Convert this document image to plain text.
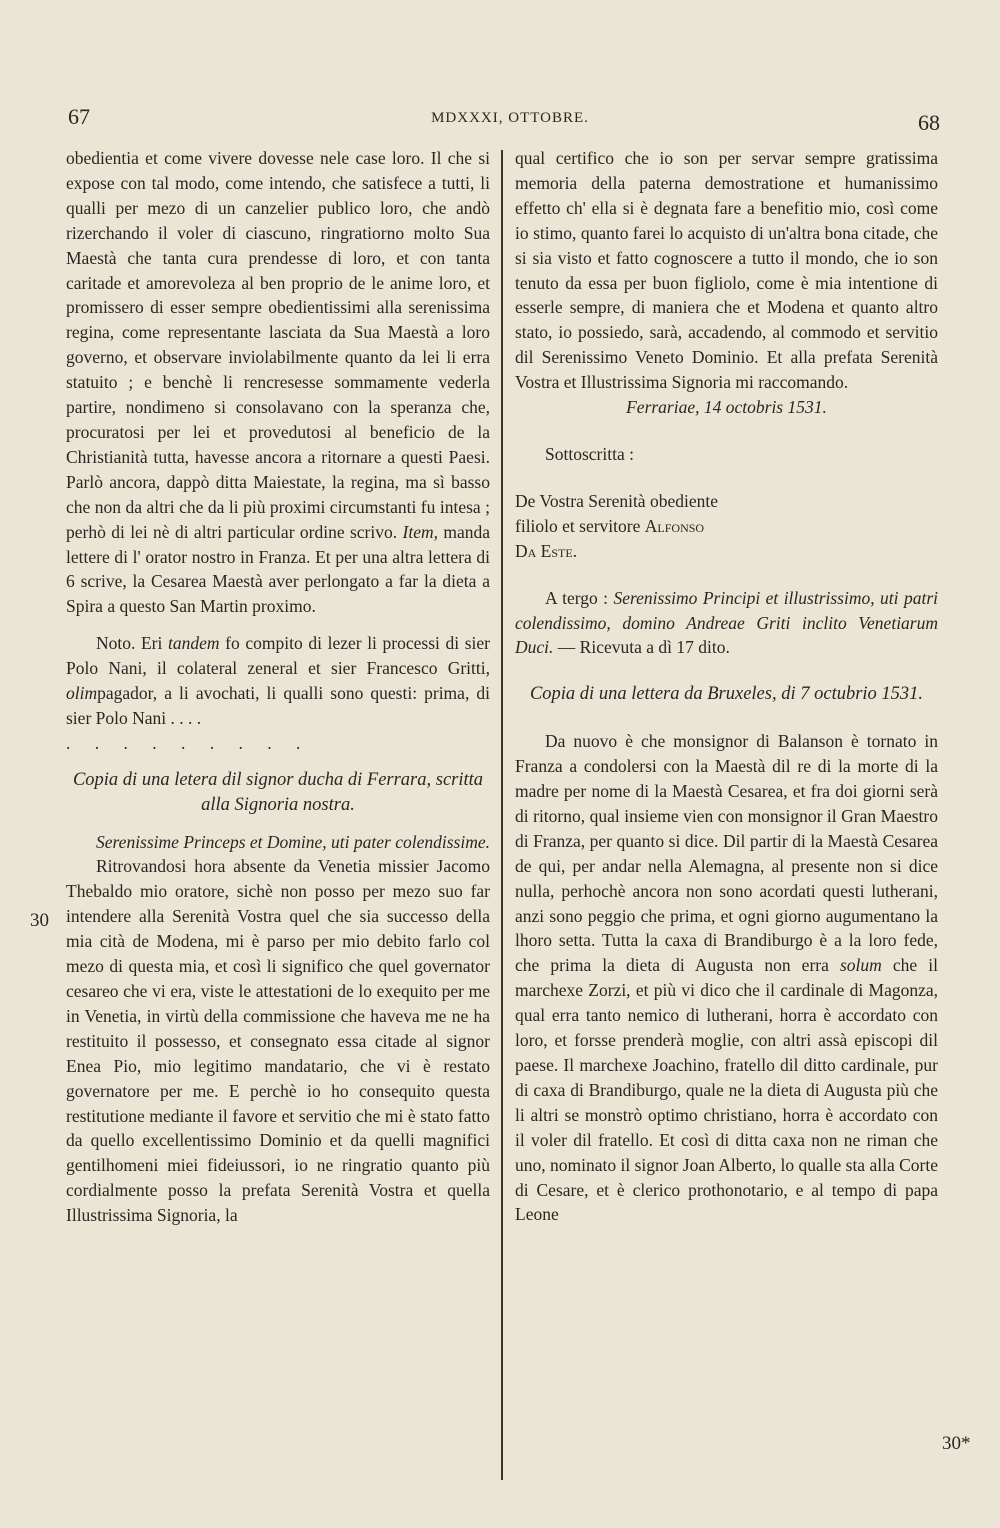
67	MDXXXI, OTTOBRE.	68
30
30*

obedientia et come vivere dovesse nele case loro. Il che si expose con tal modo, come intendo, che satisfece a tutti, li qualli per mezo di un canzelier publico loro, che andò rizerchando il voler di ciascuno, ringratiorno molto Sua Maestà che tanta cura prendesse di loro, et con tanta caritade et amorevoleza al ben proprio de le anime loro, et promissero di esser sempre obedientissimi alla serenissima regina, come representante lasciata da Sua Maestà a loro governo, et observare inviolabilmente quanto da lei li erra statuito ; e benchè li rencresesse sommamente vederla partire, nondimeno si consolavano con la speranza che, procuratosi per lei et provedutosi al beneficio de la Christianità tutta, havesse ancora a ritornare a questi Paesi. Parlò ancora, dappò ditta Maiestate, la regina, ma sì basso che non da altri che da li più proximi circumstanti fu intesa ; perhò di lei nè di altri particular ordine scrivo. Item, manda lettere di l' orator nostro in Franza. Et per una altra lettera di 6 scrive, la Cesarea Maestà aver perlongato a far la dieta a Spira a questo San Martin proximo.

Noto. Eri tandem fo compito di lezer li processi di sier Polo Nani, il colateral zeneral et sier Francesco Gritti, olimpagador, a li avochati, li qualli sono questi: prima, di sier Polo Nani . . . .

. . . . . . . . .

Copia di una letera dil signor ducha di Ferrara, scritta alla Signoria nostra.

Serenissime Princeps et Domine, uti pater colendissime.

Ritrovandosi hora absente da Venetia missier Jacomo Thebaldo mio oratore, sichè non posso per mezo suo far intendere alla Serenità Vostra quel che sia successo della mia cità de Modena, mi è parso per mio debito farlo col mezo di questa mia, et così li significo che quel governator cesareo che vi era, viste le attestationi de lo exequito per me in Venetia, in virtù della commissione che haveva me ne ha restituito il possesso, et consegnato essa citade al signor Enea Pio, mio legitimo mandatario, che vi è restato governatore per me. E perchè io ho consequito questa restitutione mediante il favore et servitio che mi è stato fatto da quello excellentissimo Dominio et da quelli magnifici gentilhomeni miei fideiussori, io ne ringratio quanto più cordialmente posso la prefata Serenità Vostra et quella Illustrissima Signoria, la

qual certifico che io son per servar sempre gratissima memoria della paterna demostratione et humanissimo effetto ch' ella si è degnata fare a benefitio mio, così come io stimo, quanto farei lo acquisto di un'altra bona citade, che si sia visto et fatto cognoscere a tutto il mondo, che io son tenuto da essa per buon figliolo, come è mia intentione di esserle sempre, di maniera che et Modena et quanto altro stato, io possiedo, sarà, accadendo, al commodo et servitio dil Serenissimo Veneto Dominio. Et alla prefata Serenità Vostra et Illustrissima Signoria mi raccomando.

Ferrariae, 14 octobris 1531.

Sottoscritta :

De Vostra Serenità obediente

filiolo et servitore Alfonso

Da Este.

A tergo : Serenissimo Principi et illustrissimo, uti patri colendissimo, domino Andreae Griti inclito Venetiarum Duci. — Ricevuta a dì 17 dito.

Copia di una lettera da Bruxeles, di 7 octubrio 1531.

Da nuovo è che monsignor di Balanson è tornato in Franza a condolersi con la Maestà dil re di la morte di la madre per nome di la Maestà Cesarea, et fra doi giorni serà di ritorno, qual insieme vien con monsignor il Gran Maestro di Franza, per quanto si dice. Dil partir di la Maestà Cesarea de qui, per andar nella Alemagna, al presente non si dice nulla, perhochè ancora non sono acordati questi lutherani, anzi sono peggio che prima, et ogni giorno augumentano la lhoro setta. Tutta la caxa di Brandiburgo è a la loro fede, che prima la dieta di Augusta non erra solum che il marchexe Zorzi, et più vi dico che il cardinale di Magonza, qual erra tanto nemico di lutherani, horra è accordato con loro, et forsse prenderà moglie, con altri assà episcopi dil paese. Il marchexe Joachino, fratello dil ditto cardinale, pur di caxa di Brandiburgo, quale ne la dieta di Augusta più che li altri se monstrò optimo christiano, horra è accordato con il voler dil fratello. Et così di ditta caxa non ne riman che uno, nominato il signor Joan Alberto, lo qualle sta alla Corte di Cesare, et è clerico prothonotario, e al tempo di papa Leone
